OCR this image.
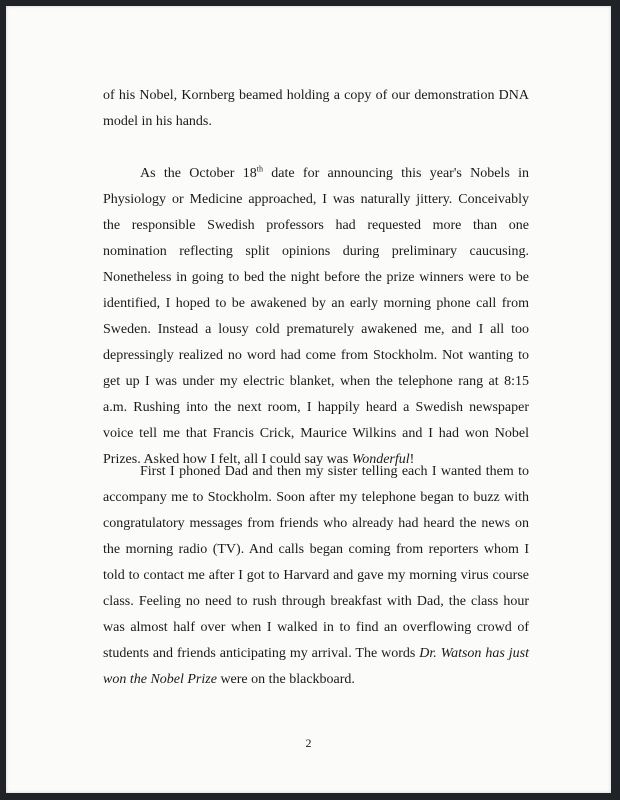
of his Nobel, Kornberg beamed holding a copy of our demonstration DNA model in his hands.

As the October 18th date for announcing this year's Nobels in Physiology or Medicine approached, I was naturally jittery. Conceivably the responsible Swedish professors had requested more than one nomination reflecting split opinions during preliminary caucusing. Nonetheless in going to bed the night before the prize winners were to be identified, I hoped to be awakened by an early morning phone call from Sweden. Instead a lousy cold prematurely awakened me, and I all too depressingly realized no word had come from Stockholm. Not wanting to get up I was under my electric blanket, when the telephone rang at 8:15 a.m. Rushing into the next room, I happily heard a Swedish newspaper voice tell me that Francis Crick, Maurice Wilkins and I had won Nobel Prizes. Asked how I felt, all I could say was Wonderful!

First I phoned Dad and then my sister telling each I wanted them to accompany me to Stockholm. Soon after my telephone began to buzz with congratulatory messages from friends who already had heard the news on the morning radio (TV). And calls began coming from reporters whom I told to contact me after I got to Harvard and gave my morning virus course class. Feeling no need to rush through breakfast with Dad, the class hour was almost half over when I walked in to find an overflowing crowd of students and friends anticipating my arrival. The words Dr. Watson has just won the Nobel Prize were on the blackboard.

2
